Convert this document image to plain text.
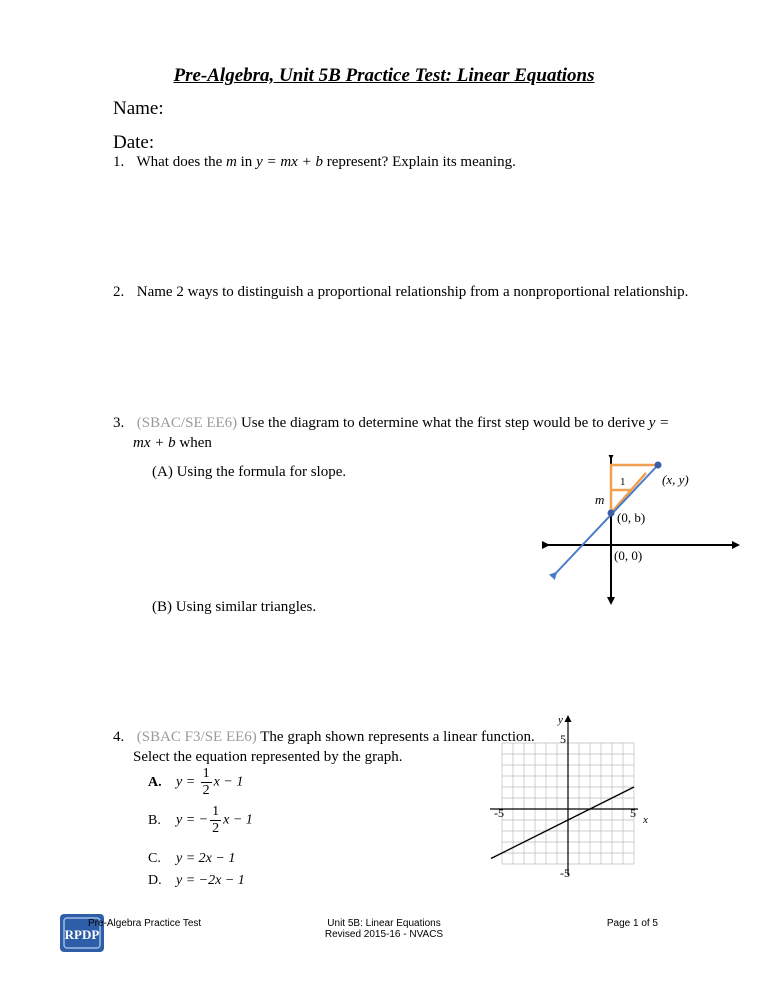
Pre-Algebra, Unit 5B Practice Test: Linear Equations
Name:
Date:
1. What does the m in y = mx + b represent? Explain its meaning.
2. Name 2 ways to distinguish a proportional relationship from a nonproportional relationship.
3. (SBAC/SE EE6) Use the diagram to determine what the first step would be to derive y =
mx + b when
(A) Using the formula for slope.
(B) Using similar triangles.
1
m
(x, y)
(0, b)
(0, 0)
4. (SBAC F3/SE EE6) The graph shown represents a linear function.
Select the equation represented by the graph.
A. $y = \frac{1}{2}$ x − 1
B. y = − $\frac{1}{2}$ x − 1
C. y = 2x − 1
D. y = −2x − 1
y
5
-5
-5	5 x
RPDP
Pre-Algebra Practice Test	Unit 5B: Linear Equations
Revised 2015-16 - NVACS
Page 1 of 5
